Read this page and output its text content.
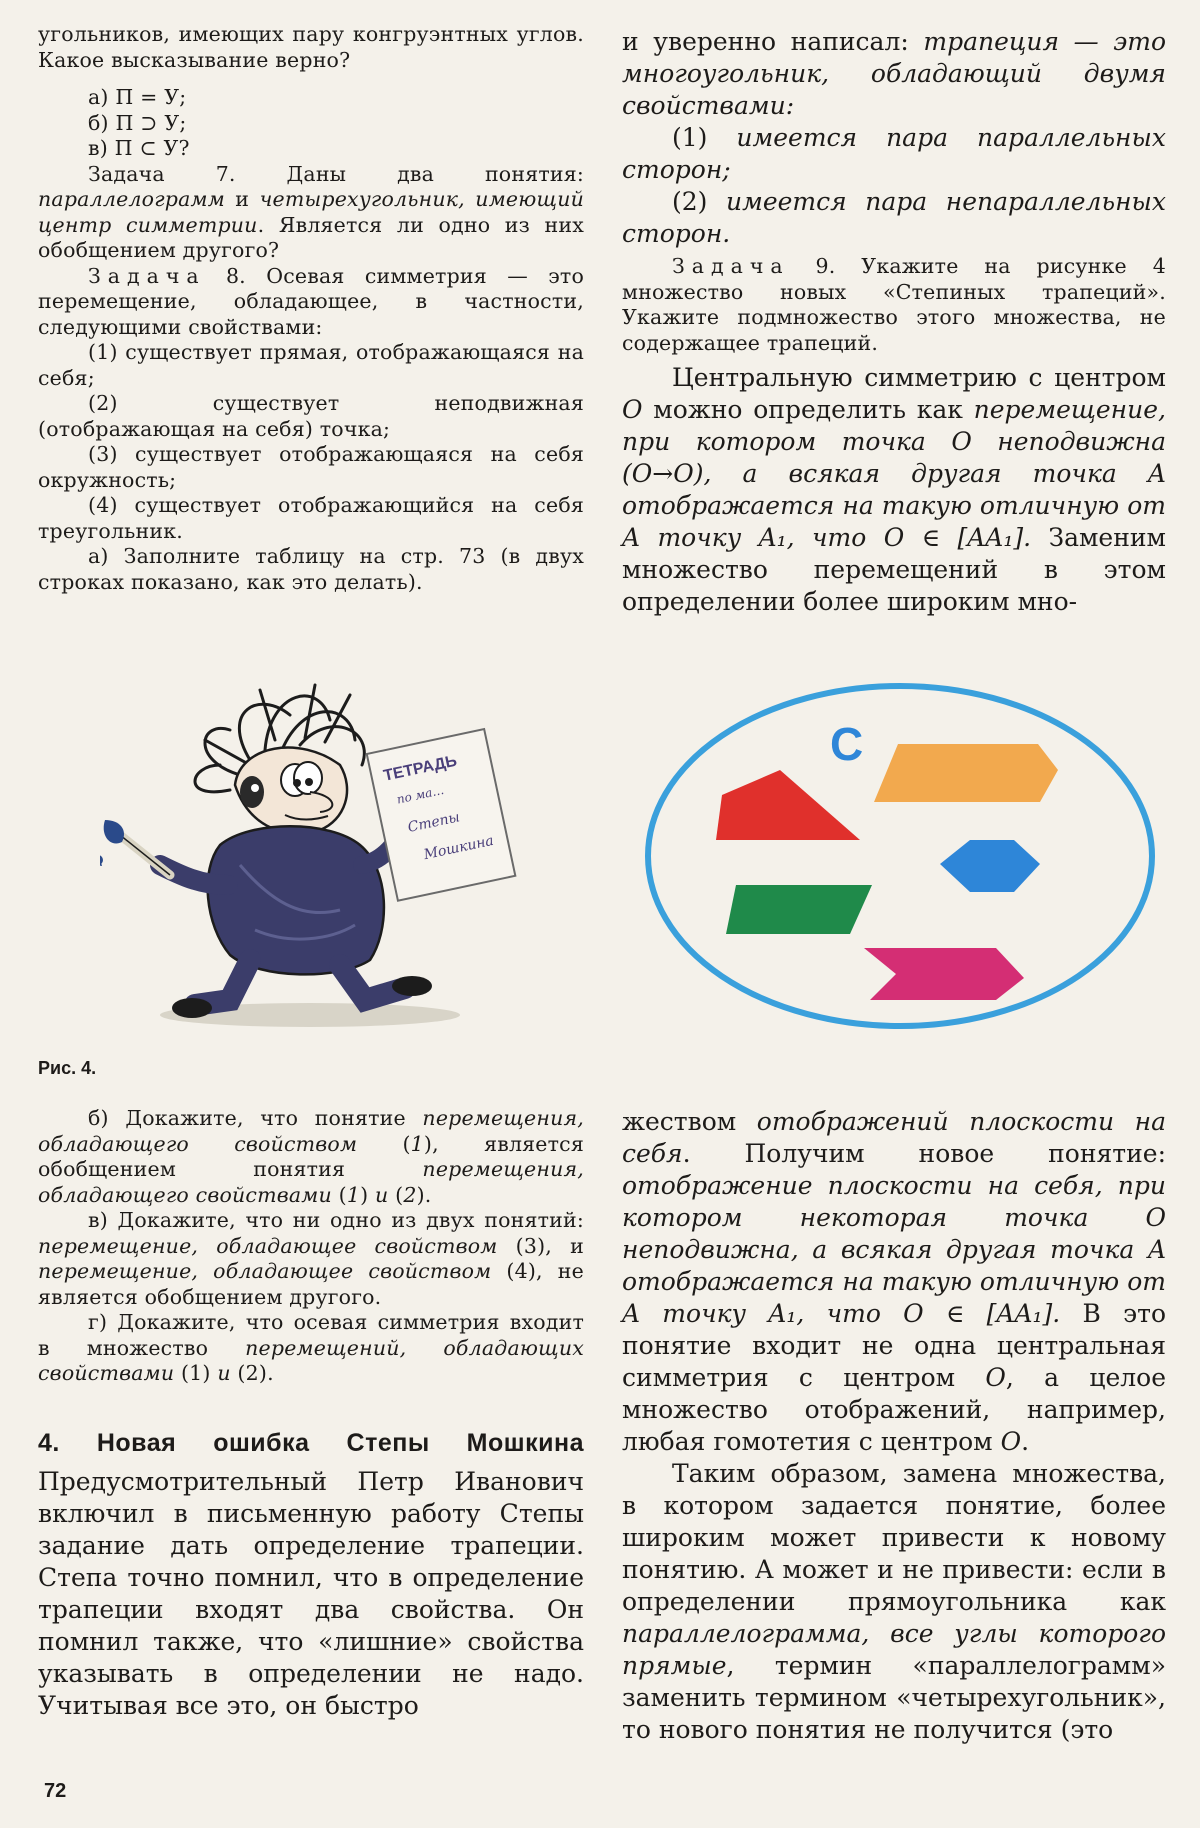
угольников, имеющих пару конгруэнтных углов. Какое высказывание верно?

а) П = У;

б) П ⊃ У;

в) П ⊂ У?

Задача 7. Даны два понятия: параллелограмм и четырехугольник, имеющий центр симметрии. Является ли одно из них обобщением другого?

Задача 8. Осевая симметрия — это перемещение, обладающее, в частности, следующими свойствами:

(1) существует прямая, отображающаяся на себя;

(2) существует неподвижная (отображающая на себя) точка;

(3) существует отображающаяся на себя окружность;

(4) существует отображающийся на себя треугольник.

а) Заполните таблицу на стр. 73 (в двух строках показано, как это делать).

и уверенно написал: трапеция — это многоугольник, обладающий двумя свойствами:

(1) имеется пара параллельных сторон;

(2) имеется пара непараллельных сторон.

Задача 9. Укажите на рисунке 4 множество новых «Степиных трапеций». Укажите подмножество этого множества, не содержащее трапеций.

Центральную симметрию с центром O можно определить как перемещение, при котором точка O неподвижна (O→O), а всякая другая точка A отображается на такую отличную от A точку A₁, что O ∈ [AA₁]. Заменим множество перемещений в этом определении более широким мно-

ТЕТРАДЬ
по ма…
Степы
Мошкина
C

Рис. 4.

б) Докажите, что понятие перемещения, обладающего свойством (1), является обобщением понятия перемещения, обладающего свойствами (1) и (2).

в) Докажите, что ни одно из двух понятий: перемещение, обладающее свойством (3), и перемещение, обладающее свойством (4), не является обобщением другого.

г) Докажите, что осевая симметрия входит в множество перемещений, обладающих свойствами (1) и (2).

4. Новая ошибка Степы Мошкина

Предусмотрительный Петр Иванович включил в письменную работу Степы задание дать определение трапеции. Степа точно помнил, что в определение трапеции входят два свойства. Он помнил также, что «лишние» свойства указывать в определении не надо. Учитывая все это, он быстро

жеством отображений плоскости на себя. Получим новое понятие: отображение плоскости на себя, при котором некоторая точка O неподвижна, а всякая другая точка A отображается на такую отличную от A точку A₁, что O ∈ [AA₁]. В это понятие входит не одна центральная симметрия с центром O, а целое множество отображений, например, любая гомотетия с центром O.

Таким образом, замена множества, в котором задается понятие, более широким может привести к новому понятию. А может и не привести: если в определении прямоугольника как параллелограмма, все углы которого прямые, термин «параллелограмм» заменить термином «четырехугольник», то нового понятия не получится (это

72
